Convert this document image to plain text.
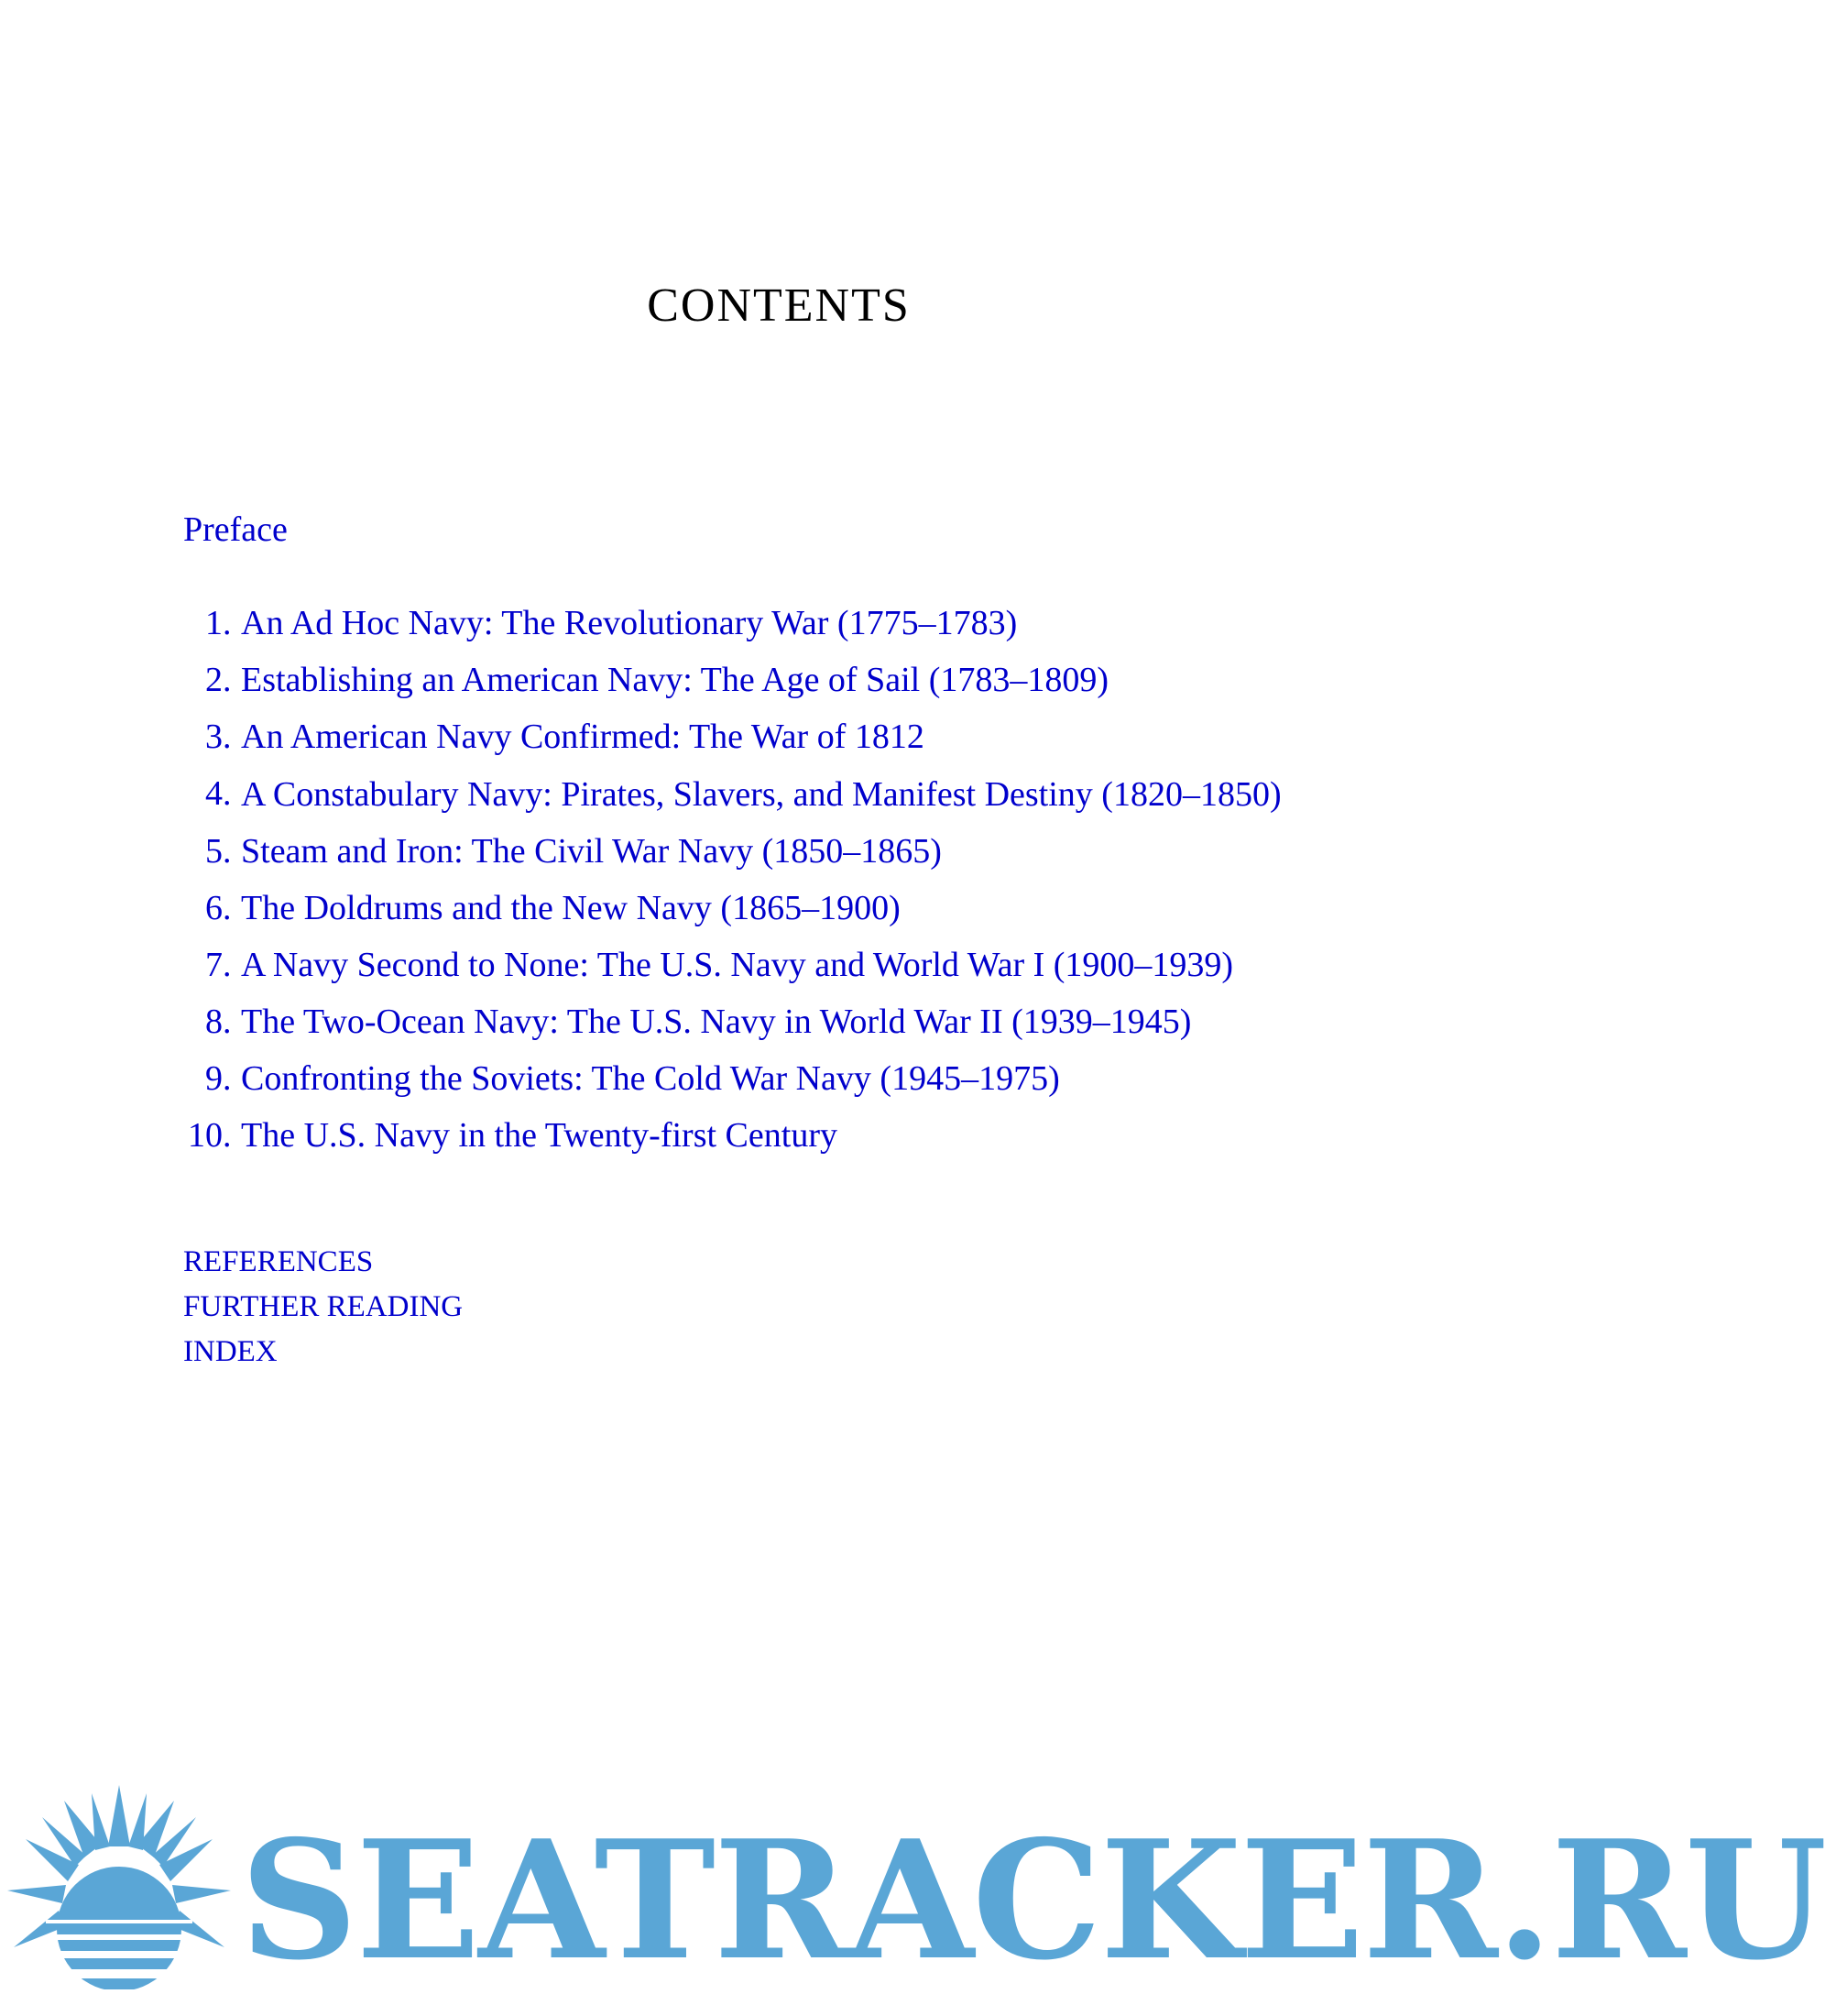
CONTENTS
Preface
1. An Ad Hoc Navy: The Revolutionary War (1775–1783)
2. Establishing an American Navy: The Age of Sail (1783–1809)
3. An American Navy Confirmed: The War of 1812
4. A Constabulary Navy: Pirates, Slavers, and Manifest Destiny (1820–1850)
5. Steam and Iron: The Civil War Navy (1850–1865)
6. The Doldrums and the New Navy (1865–1900)
7. A Navy Second to None: The U.S. Navy and World War I (1900–1939)
8. The Two-Ocean Navy: The U.S. Navy in World War II (1939–1945)
9. Confronting the Soviets: The Cold War Navy (1945–1975)
10. The U.S. Navy in the Twenty-first Century
REFERENCES
FURTHER READING
INDEX
SEATRACKER.RU
